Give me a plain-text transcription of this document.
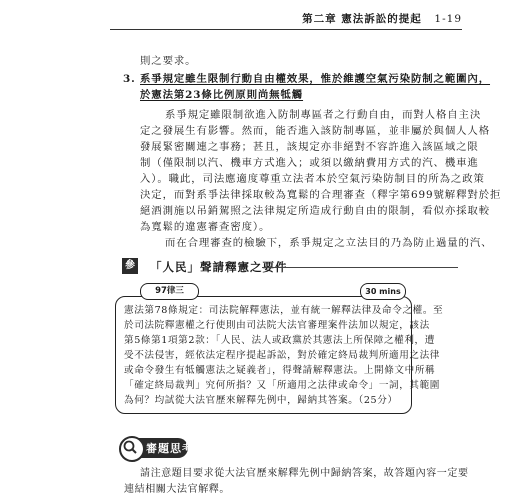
第二章 憲法訴訟的提起 1-19
則之要求。
3. 系爭規定雖生限制行動自由權效果，惟於維護空氣污染防制之範圍內，
於憲法第23條比例原則尚無牴觸
系爭規定雖限制欲進入防制專區者之行動自由，而對人格自主決
定之發展生有影響。然而，能否進入該防制專區，並非屬於與個人人格
發展緊密關連之事務；甚且，該規定亦非絕對不容許進入該區域之限
制（僅限制以汽、機車方式進入；或須以繳納費用方式的汽、機車進
入）。職此，司法應適度尊重立法者本於空氣污染防制目的所為之政策
決定，而對系爭法律採取較為寬鬆的合理審查（釋字第699號解釋對於拒
絕酒測施以吊銷駕照之法律規定所造成行動自由的限制，看似亦採取較
為寬鬆的違憲審查密度）。
而在合理審查的檢驗下，系爭規定之立法目的乃為防止過量的汽、
參 「人民」聲請釋憲之要件
97律三	30 mins
憲法第78條規定：司法院解釋憲法，並有統一解釋法律及命令之權。至
於司法院釋憲權之行使則由司法院大法官審理案件法加以規定，該法
第5條第1項第2款：「人民、法人或政黨於其憲法上所保障之權利，遭
受不法侵害，經依法定程序提起訴訟，對於確定終局裁判所適用之法律
或命令發生有牴觸憲法之疑義者」，得聲請解釋憲法。上開條文中所稱
「確定終局裁判」究何所指？又「所適用之法律或命令」一詞，其範圍
為何？均試從大法官歷來解釋先例中，歸納其答案。（25分）
審題思考
請注意題目要求從大法官歷來解釋先例中歸納答案，故答題內容一定要
連結相關大法官解釋。
